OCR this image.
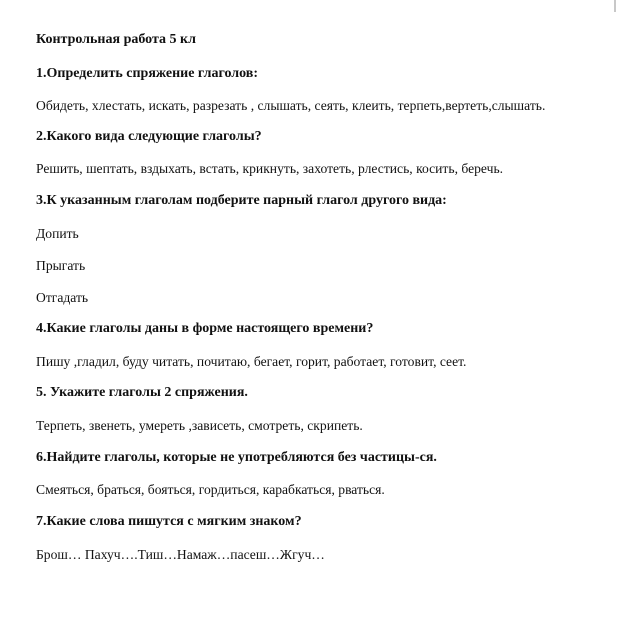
Контрольная работа 5 кл
1.Определить спряжение глаголов:
Обидеть, хлестать, искать, разрезать , слышать, сеять, клеить, терпеть,вертеть,слышать.
2.Какого вида следующие глаголы?
Решить, шептать, вздыхать, встать, крикнуть, захотеть, рлестись, косить, беречь.
3.К указанным глаголам подберите парный глагол другого вида:
Допить
Прыгать
Отгадать
4.Какие глаголы даны в форме настоящего времени?
Пишу ,гладил, буду читать, почитаю, бегает, горит, работает, готовит, сеет.
5. Укажите глаголы 2 спряжения.
Терпеть, звенеть, умереть ,зависеть, смотреть, скрипеть.
6.Найдите глаголы, которые не употребляются без частицы-ся.
Смеяться, браться, бояться, гордиться, карабкаться, рваться.
7.Какие слова пишутся с мягким знаком?
Брош… Пахуч….Тиш…Намаж…пасеш…Жгуч…
